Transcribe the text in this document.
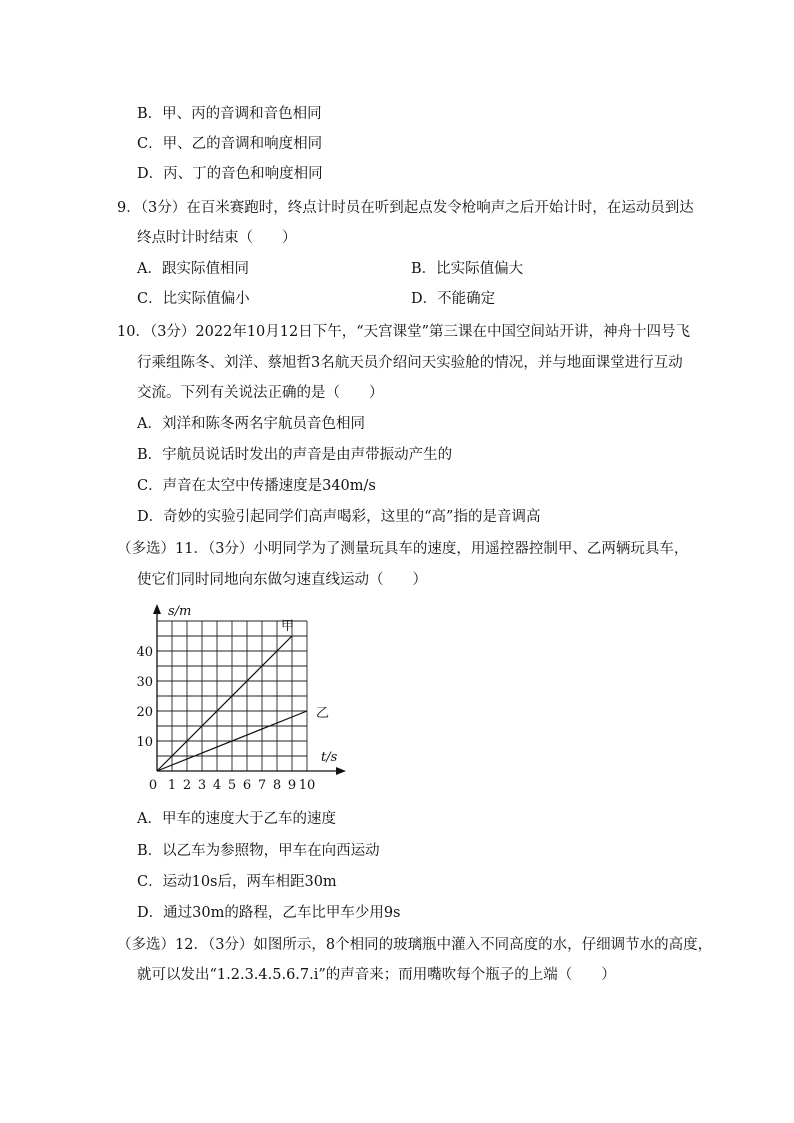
B．甲、丙的音调和音色相同
C．甲、乙的音调和响度相同
D．丙、丁的音色和响度相同
9．（3分）在百米赛跑时，终点计时员在听到起点发令枪响声之后开始计时，在运动员到达
终点时计时结束（　　）
A．跟实际值相同	B．比实际值偏大
C．比实际值偏小	D．不能确定
10．（3分）2022年10月12日下午，“天宫课堂”第三课在中国空间站开讲，神舟十四号飞
行乘组陈冬、刘洋、蔡旭哲3名航天员介绍问天实验舱的情况，并与地面课堂进行互动
交流。下列有关说法正确的是（　　）
A．刘洋和陈冬两名宇航员音色相同
B．宇航员说话时发出的声音是由声带振动产生的
C．声音在太空中传播速度是340m/s
D．奇妙的实验引起同学们高声喝彩，这里的“高”指的是音调高
（多选）11．（3分）小明同学为了测量玩具车的速度，用遥控器控制甲、乙两辆玩具车，
使它们同时同地向东做匀速直线运动（　　）
甲
乙
0 1 2 3 4 5 6 7 8 9 10
10
20
30
40
t/s
s/m
A．甲车的速度大于乙车的速度
B．以乙车为参照物，甲车在向西运动
C．运动10s后，两车相距30m
D．通过30m的路程，乙车比甲车少用9s
（多选）12．（3分）如图所示，8个相同的玻璃瓶中灌入不同高度的水，仔细调节水的高度，
就可以发出“1.2.3.4.5.6.7.i”的声音来；而用嘴吹每个瓶子的上端（　　）
